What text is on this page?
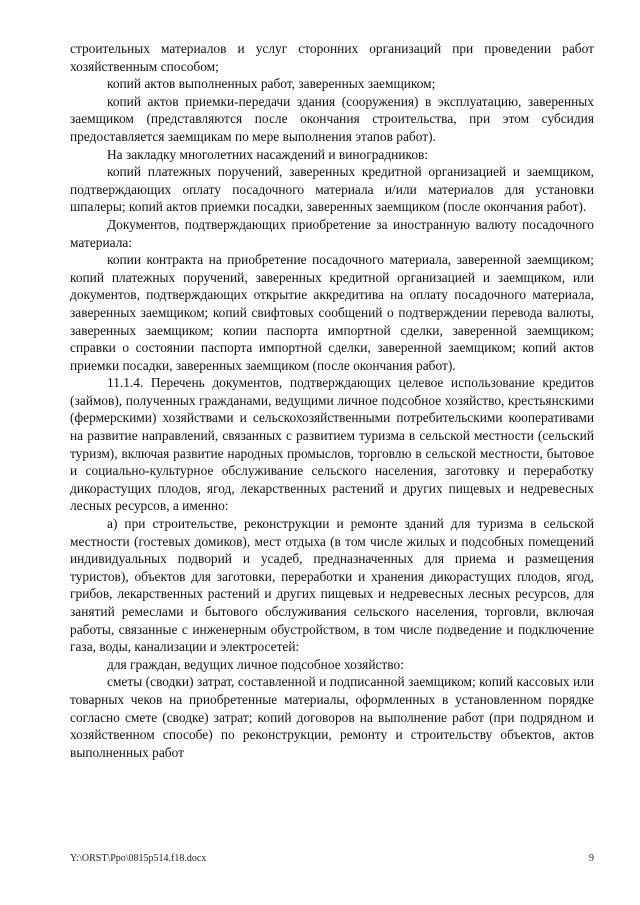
строительных материалов и услуг сторонних организаций при проведении работ хозяйственным способом;

копий актов выполненных работ, заверенных заемщиком;

копий актов приемки-передачи здания (сооружения) в эксплуатацию, заверенных заемщиком (представляются после окончания строительства, при этом субсидия предоставляется заемщикам по мере выполнения этапов работ).

На закладку многолетних насаждений и виноградников:

копий платежных поручений, заверенных кредитной организацией и заемщиком, подтверждающих оплату посадочного материала и/или материалов для установки шпалеры; копий актов приемки посадки, заверенных заемщиком (после окончания работ).

Документов, подтверждающих приобретение за иностранную валюту посадочного материала:

копии контракта на приобретение посадочного материала, заверенной заемщиком; копий платежных поручений, заверенных кредитной организацией и заемщиком, или документов, подтверждающих открытие аккредитива на оплату посадочного материала, заверенных заемщиком; копий свифтовых сообщений о подтверждении перевода валюты, заверенных заемщиком; копии паспорта импортной сделки, заверенной заемщиком; справки о состоянии паспорта импортной сделки, заверенной заемщиком; копий актов приемки посадки, заверенных заемщиком (после окончания работ).

11.1.4. Перечень документов, подтверждающих целевое использование кредитов (займов), полученных гражданами, ведущими личное подсобное хозяйство, крестьянскими (фермерскими) хозяйствами и сельскохозяйственными потребительскими кооперативами на развитие направлений, связанных с развитием туризма в сельской местности (сельский туризм), включая развитие народных промыслов, торговлю в сельской местности, бытовое и социально-культурное обслуживание сельского населения, заготовку и переработку дикорастущих плодов, ягод, лекарственных растений и других пищевых и недревесных лесных ресурсов, а именно:

а) при строительстве, реконструкции и ремонте зданий для туризма в сельской местности (гостевых домиков), мест отдыха (в том числе жилых и подсобных помещений индивидуальных подворий и усадеб, предназначенных для приема и размещения туристов), объектов для заготовки, переработки и хранения дикорастущих плодов, ягод, грибов, лекарственных растений и других пищевых и недревесных лесных ресурсов, для занятий ремеслами и бытового обслуживания сельского населения, торговли, включая работы, связанные с инженерным обустройством, в том числе подведение и подключение газа, воды, канализации и электросетей:

для граждан, ведущих личное подсобное хозяйство:

сметы (сводки) затрат, составленной и подписанной заемщиком; копий кассовых или товарных чеков на приобретенные материалы, оформленных в установленном порядке согласно смете (сводке) затрат; копий договоров на выполнение работ (при подрядном и хозяйственном способе) по реконструкции, ремонту и строительству объектов, актов выполненных работ

Y:\ORST\Ppo\0815p514.f18.docx	9
